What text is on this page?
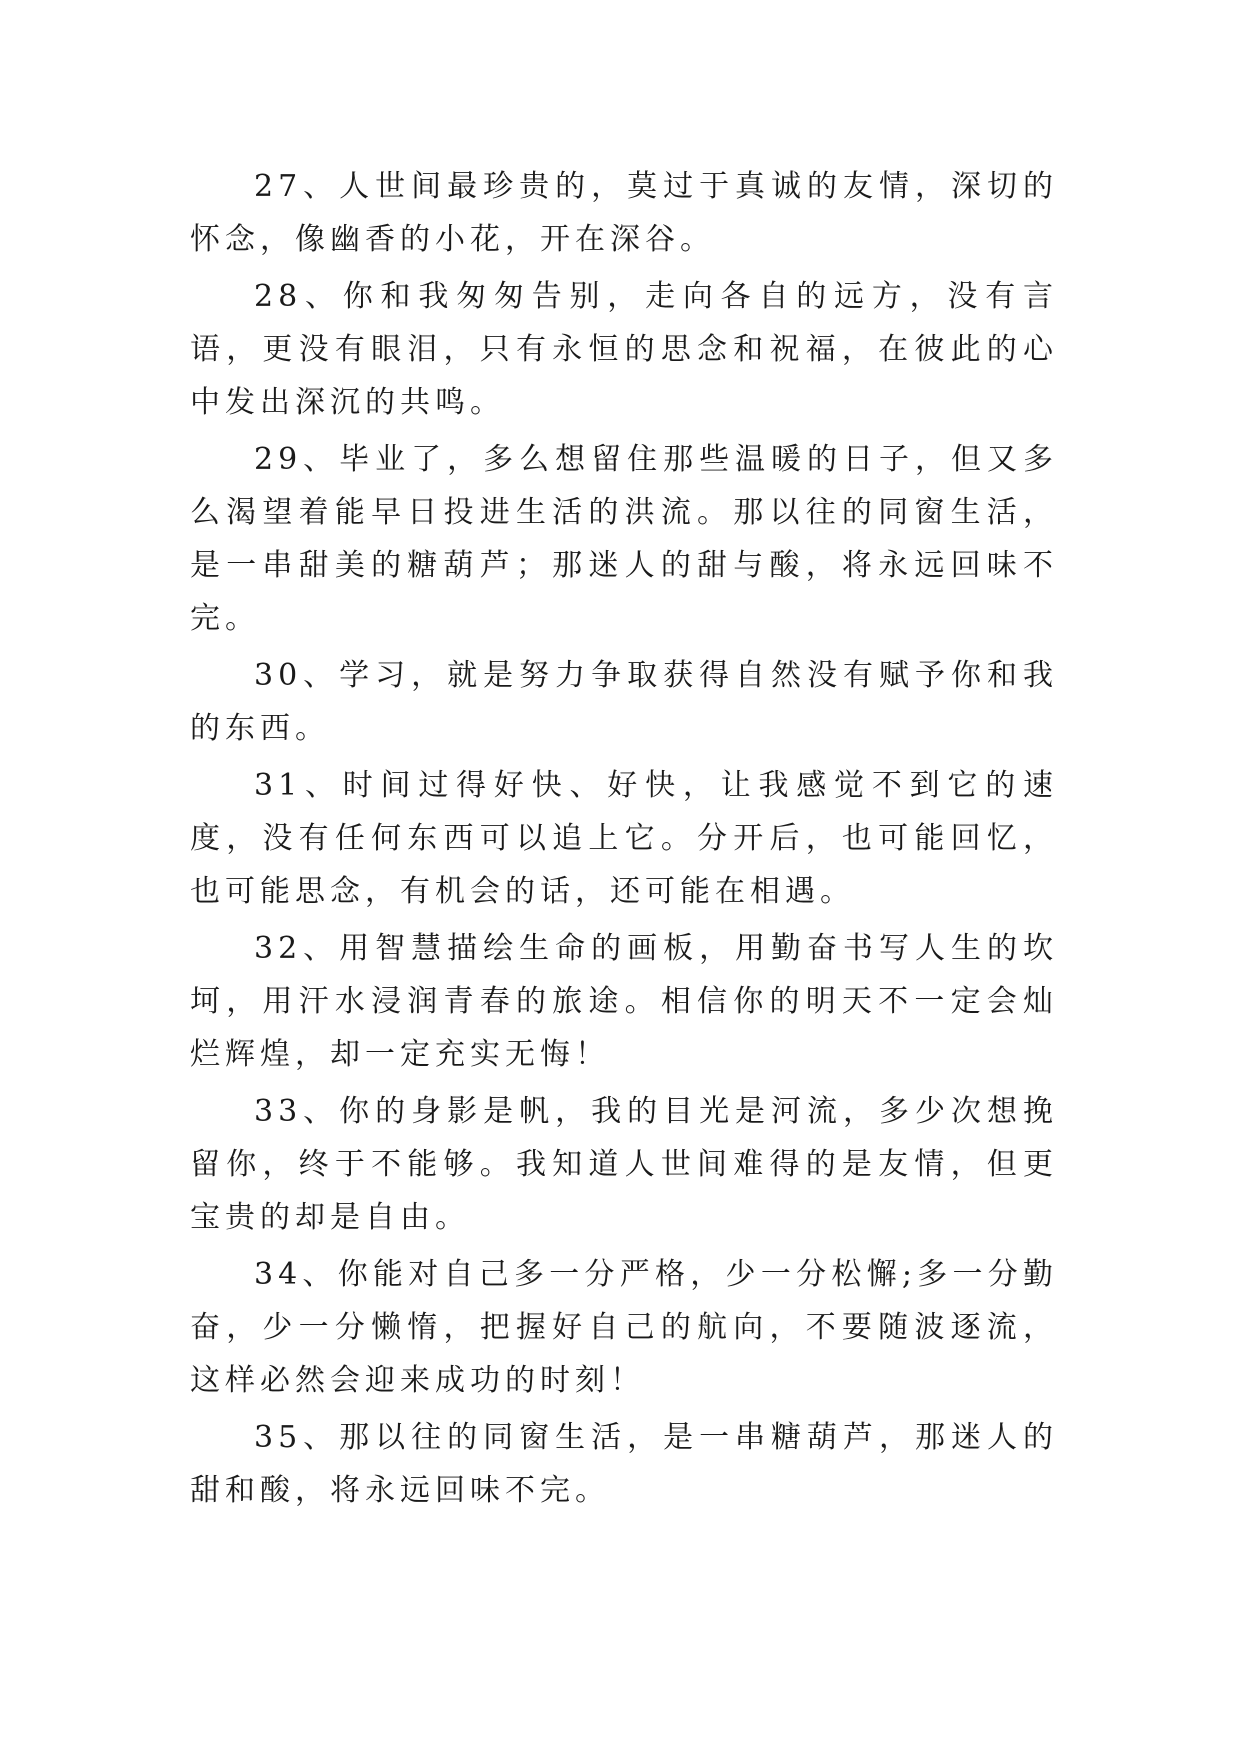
27、人世间最珍贵的，莫过于真诚的友情，深切的怀念，像幽香的小花，开在深谷。

28、你和我匆匆告别，走向各自的远方，没有言语，更没有眼泪，只有永恒的思念和祝福，在彼此的心中发出深沉的共鸣。

29、毕业了，多么想留住那些温暖的日子，但又多么渴望着能早日投进生活的洪流。那以往的同窗生活，是一串甜美的糖葫芦；那迷人的甜与酸，将永远回味不完。

30、学习，就是努力争取获得自然没有赋予你和我的东西。

31、时间过得好快、好快，让我感觉不到它的速度，没有任何东西可以追上它。分开后，也可能回忆，也可能思念，有机会的话，还可能在相遇。

32、用智慧描绘生命的画板，用勤奋书写人生的坎坷，用汗水浸润青春的旅途。相信你的明天不一定会灿烂辉煌，却一定充实无悔！

33、你的身影是帆，我的目光是河流，多少次想挽留你，终于不能够。我知道人世间难得的是友情，但更宝贵的却是自由。

34、你能对自己多一分严格，少一分松懈;多一分勤奋，少一分懒惰，把握好自己的航向，不要随波逐流，这样必然会迎来成功的时刻！

35、那以往的同窗生活，是一串糖葫芦，那迷人的甜和酸，将永远回味不完。
